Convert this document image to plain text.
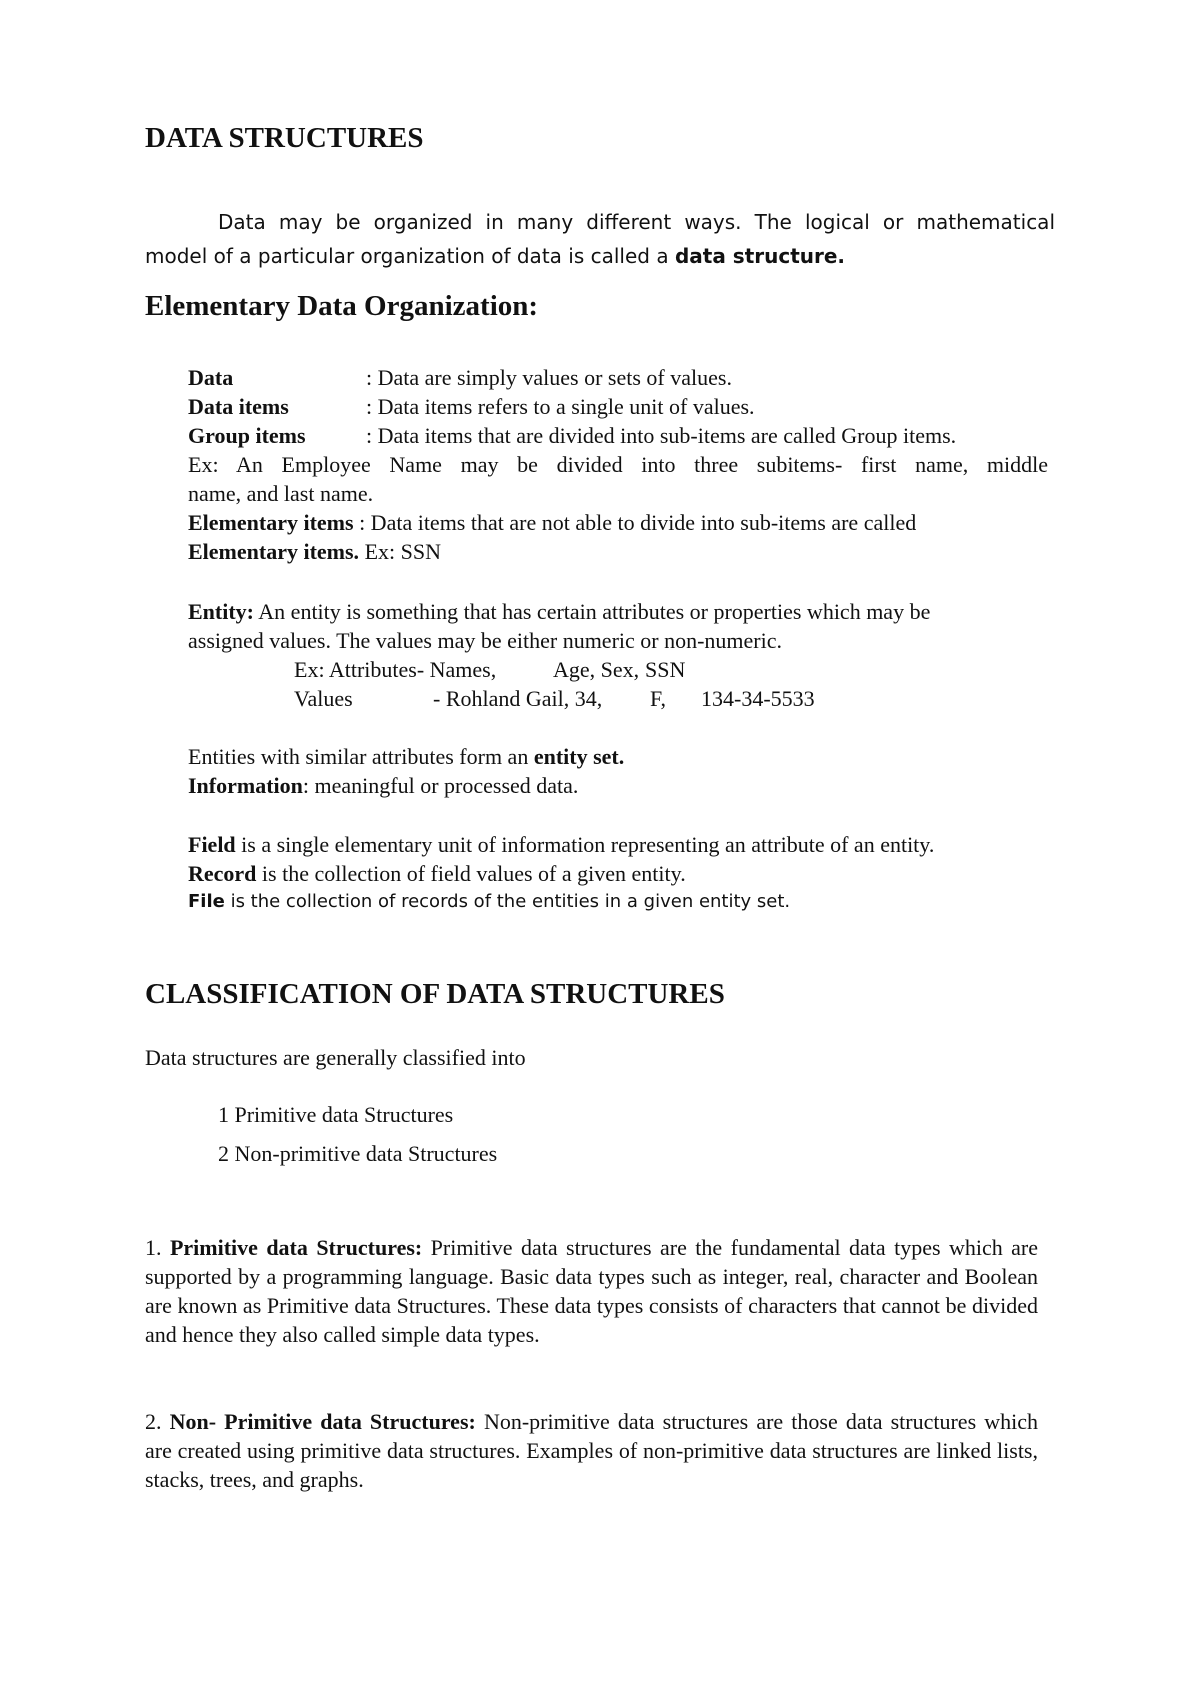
DATA STRUCTURES
Data may be organized in many different ways. The logical or mathematical
model of a particular organization of data is called a data structure.
Elementary Data Organization:
Data	: Data are simply values or sets of values.
Data items	: Data items refers to a single unit of values.
Group items	: Data items that are divided into sub-items are called Group items.
Ex: An Employee Name may be divided into three subitems- first name, middle
name, and last name.
Elementary items : Data items that are not able to divide into sub-items are called
Elementary items. Ex: SSN
Entity: An entity is something that has certain attributes or properties which may be
assigned values. The values may be either numeric or non-numeric.
Ex: Attributes- Names,	Age, Sex, SSN
Values	- Rohland Gail, 34, F, 134-34-5533
Entities with similar attributes form an entity set.
Information: meaningful or processed data.
Field is a single elementary unit of information representing an attribute of an entity.
Record is the collection of field values of a given entity.
File is the collection of records of the entities in a given entity set.
CLASSIFICATION OF DATA STRUCTURES
Data structures are generally classified into
1 Primitive data Structures
2 Non-primitive data Structures
1. Primitive data Structures: Primitive data structures are the fundamental data types which are supported by a programming language. Basic data types such as integer, real, character and Boolean are known as Primitive data Structures. These data types consists of characters that cannot be divided and hence they also called simple data types.
2. Non- Primitive data Structures: Non-primitive data structures are those data structures which are created using primitive data structures. Examples of non-primitive data structures are linked lists, stacks, trees, and graphs.
